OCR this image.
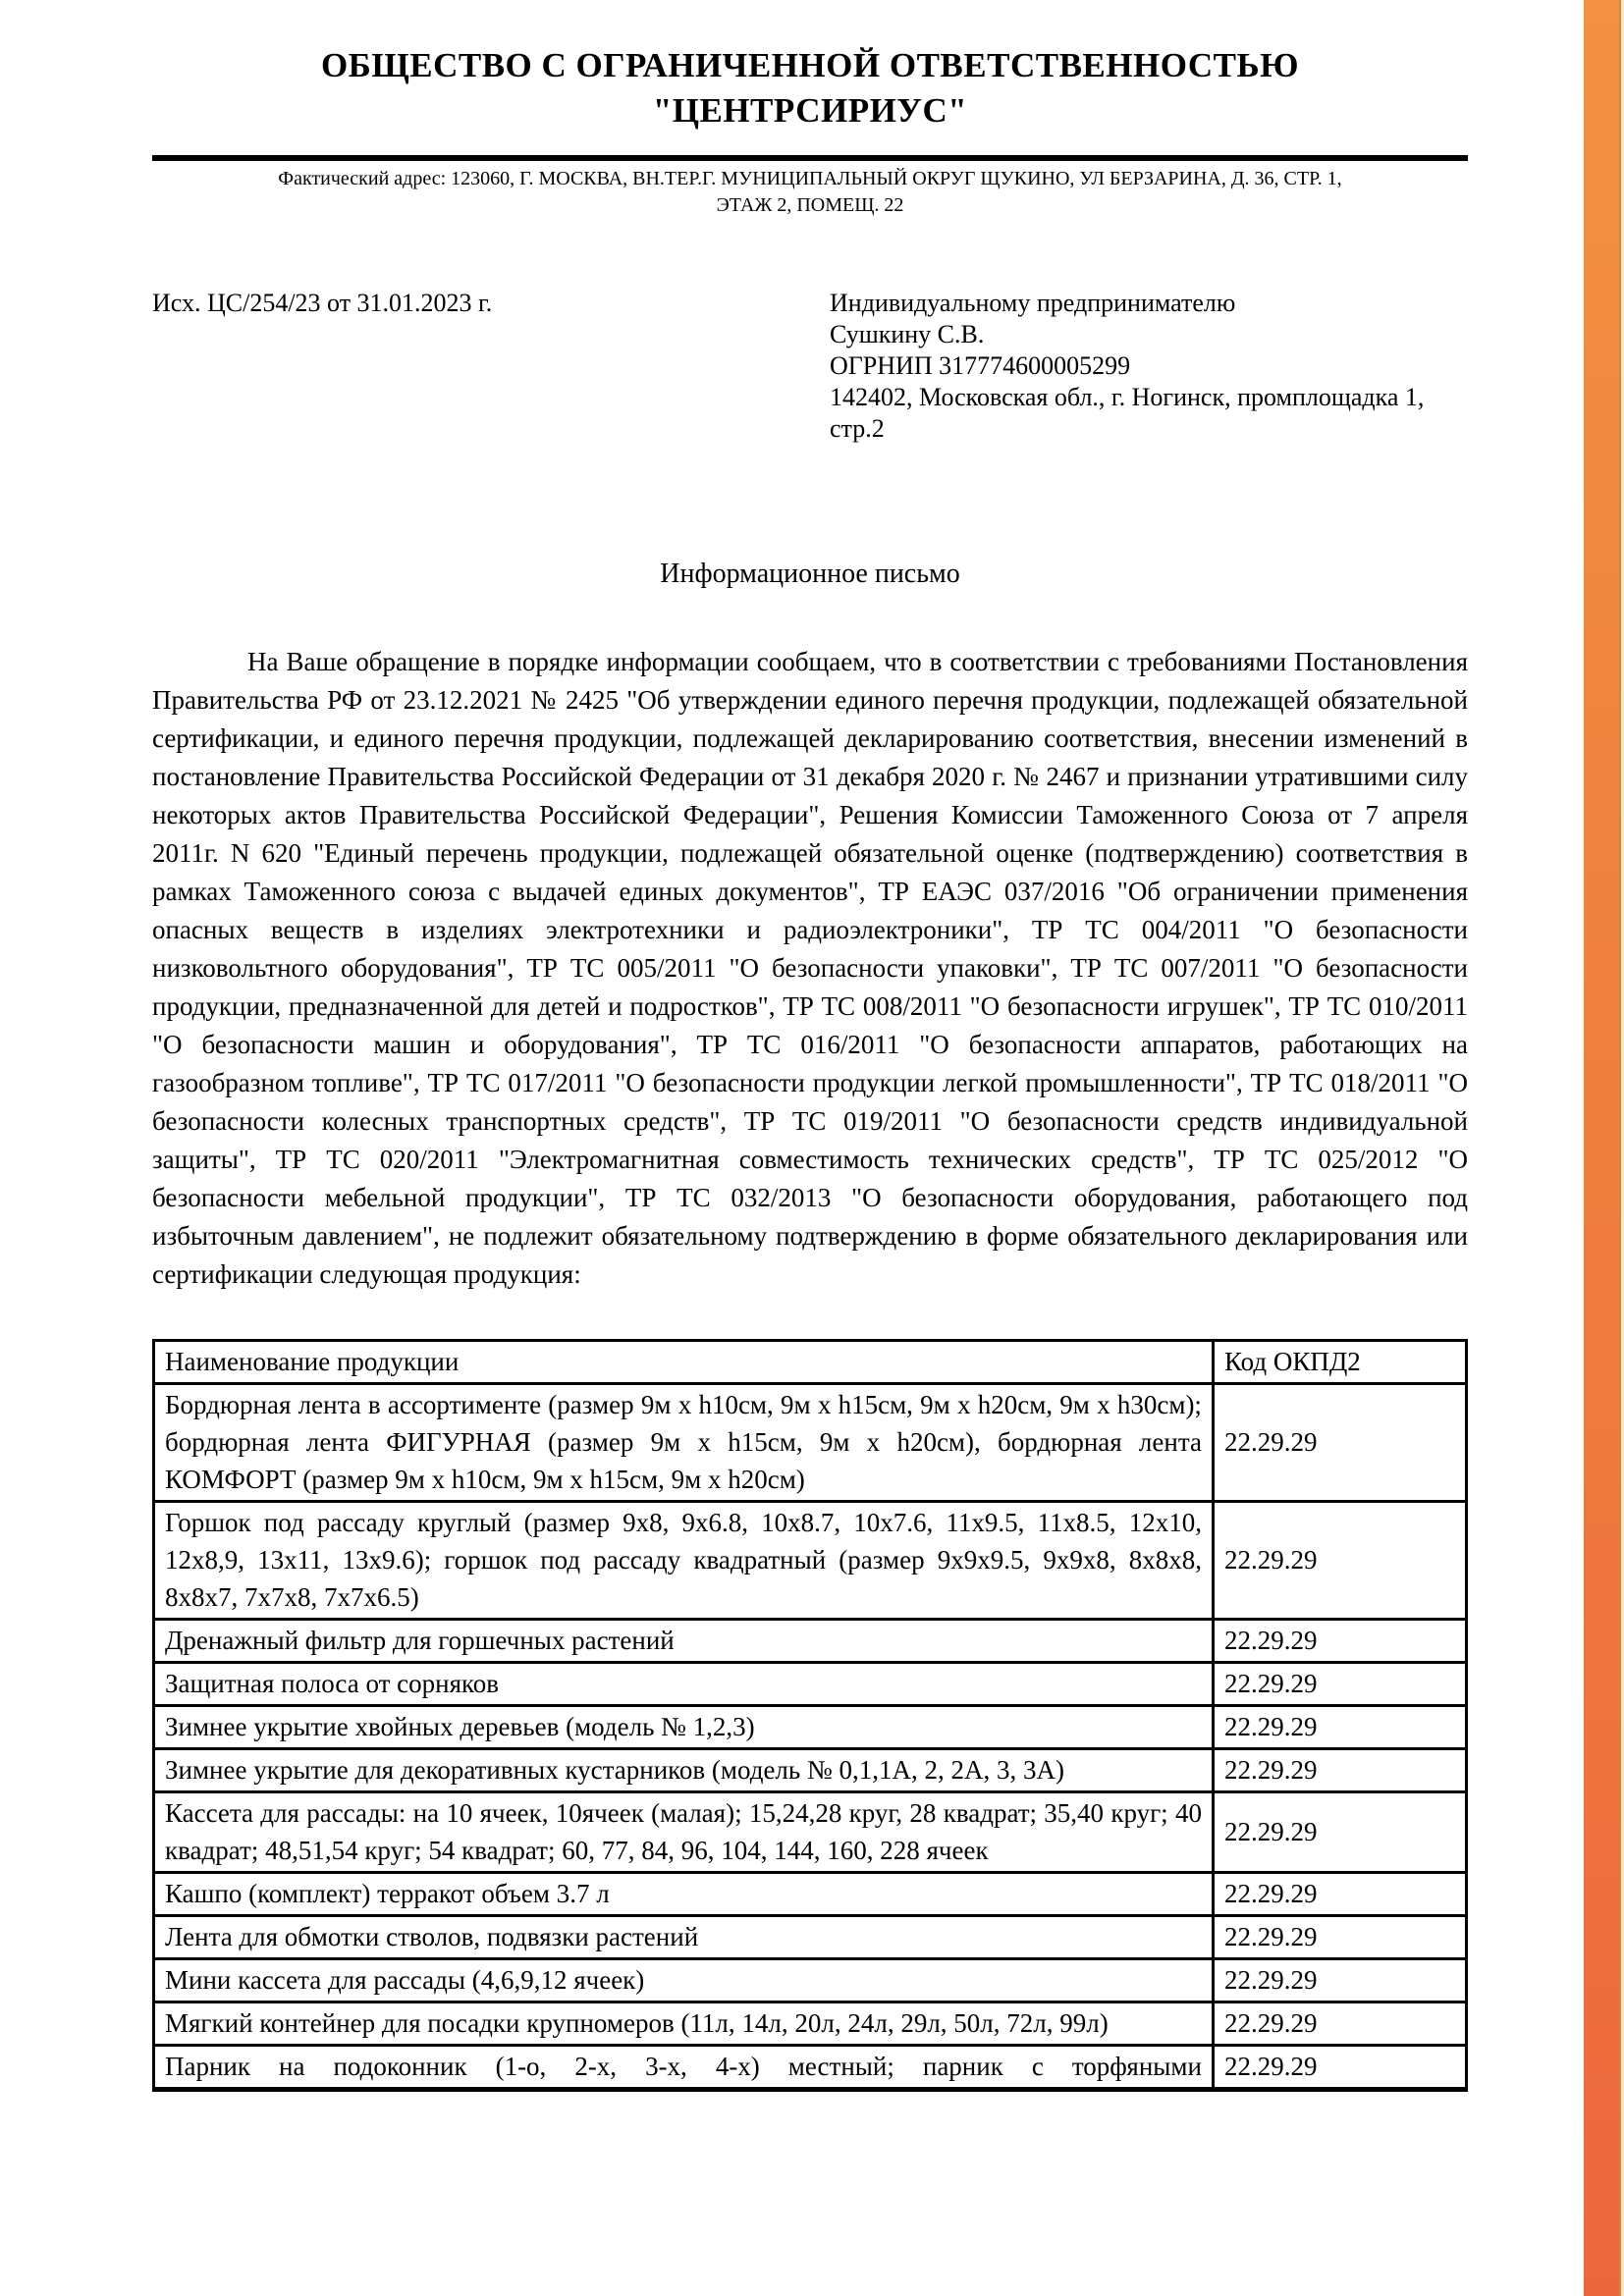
ОБЩЕСТВО С ОГРАНИЧЕННОЙ ОТВЕТСТВЕННОСТЬЮ
"ЦЕНТРСИРИУС"
Фактический адрес: 123060, Г. МОСКВА, ВН.ТЕР.Г. МУНИЦИПАЛЬНЫЙ ОКРУГ ЩУКИНО, УЛ БЕРЗАРИНА, Д. 36, СТР. 1,
ЭТАЖ 2, ПОМЕЩ. 22
Исх. ЦС/254/23 от 31.01.2023 г.	Индивидуальному предпринимателю
Сушкину С.В.
ОГРНИП 317774600005299
142402, Московская обл., г. Ногинск, промплощадка 1,
стр.2
Информационное письмо
На Ваше обращение в порядке информации сообщаем, что в соответствии с требованиями Постановления Правительства РФ от 23.12.2021 № 2425 "Об утверждении единого перечня продукции, подлежащей обязательной сертификации, и единого перечня продукции, подлежащей декларированию соответствия, внесении изменений в постановление Правительства Российской Федерации от 31 декабря 2020 г. № 2467 и признании утратившими силу некоторых актов Правительства Российской Федерации", Решения Комиссии Таможенного Союза от 7 апреля 2011г. N 620 "Единый перечень продукции, подлежащей обязательной оценке (подтверждению) соответствия в рамках Таможенного союза с выдачей единых документов", ТР ЕАЭС 037/2016 "Об ограничении применения опасных веществ в изделиях электротехники и радиоэлектроники", ТР ТС 004/2011 "О безопасности низковольтного оборудования", ТР ТС 005/2011 "О безопасности упаковки", ТР ТС 007/2011 "О безопасности продукции, предназначенной для детей и подростков", ТР ТС 008/2011 "О безопасности игрушек", ТР ТС 010/2011 "О безопасности машин и оборудования", ТР ТС 016/2011 "О безопасности аппаратов, работающих на газообразном топливе", ТР ТС 017/2011 "О безопасности продукции легкой промышленности", ТР ТС 018/2011 "О безопасности колесных транспортных средств", ТР ТС 019/2011 "О безопасности средств индивидуальной защиты", ТР ТС 020/2011 "Электромагнитная совместимость технических средств", ТР ТС 025/2012 "О безопасности мебельной продукции", ТР ТС 032/2013 "О безопасности оборудования, работающего под избыточным давлением", не подлежит обязательному подтверждению в форме обязательного декларирования или сертификации следующая продукция:
Наименование продукции	Код ОКПД2
Бордюрная лента в ассортименте (размер 9м х h10см, 9м х h15см, 9м х h20см, 9м х h30см); бордюрная лента ФИГУРНАЯ (размер 9м х h15см, 9м х h20см), бордюрная лента КОМФОРТ (размер 9м х h10см, 9м х h15см, 9м х h20см)	22.29.29
Горшок под рассаду круглый (размер 9х8, 9х6.8, 10х8.7, 10х7.6, 11х9.5, 11х8.5, 12х10, 12х8,9, 13х11, 13х9.6); горшок под рассаду квадратный (размер 9х9х9.5, 9х9х8, 8х8х8, 8х8х7, 7х7х8, 7х7х6.5)	22.29.29
Дренажный фильтр для горшечных растений	22.29.29
Защитная полоса от сорняков	22.29.29
Зимнее укрытие хвойных деревьев (модель № 1,2,3)	22.29.29
Зимнее укрытие для декоративных кустарников (модель № 0,1,1А, 2, 2А, 3, 3А)	22.29.29
Кассета для рассады: на 10 ячеек, 10ячеек (малая); 15,24,28 круг, 28 квадрат; 35,40 круг; 40 квадрат; 48,51,54 круг; 54 квадрат; 60, 77, 84, 96, 104, 144, 160, 228 ячеек	22.29.29
Кашпо (комплект) терракот объем 3.7 л	22.29.29
Лента для обмотки стволов, подвязки растений	22.29.29
Мини кассета для рассады (4,6,9,12 ячеек)	22.29.29
Мягкий контейнер для посадки крупномеров (11л, 14л, 20л, 24л, 29л, 50л, 72л, 99л)	22.29.29
Парник на подоконник (1-о, 2-х, 3-х, 4-х) местный; парник с торфяными	22.29.29
